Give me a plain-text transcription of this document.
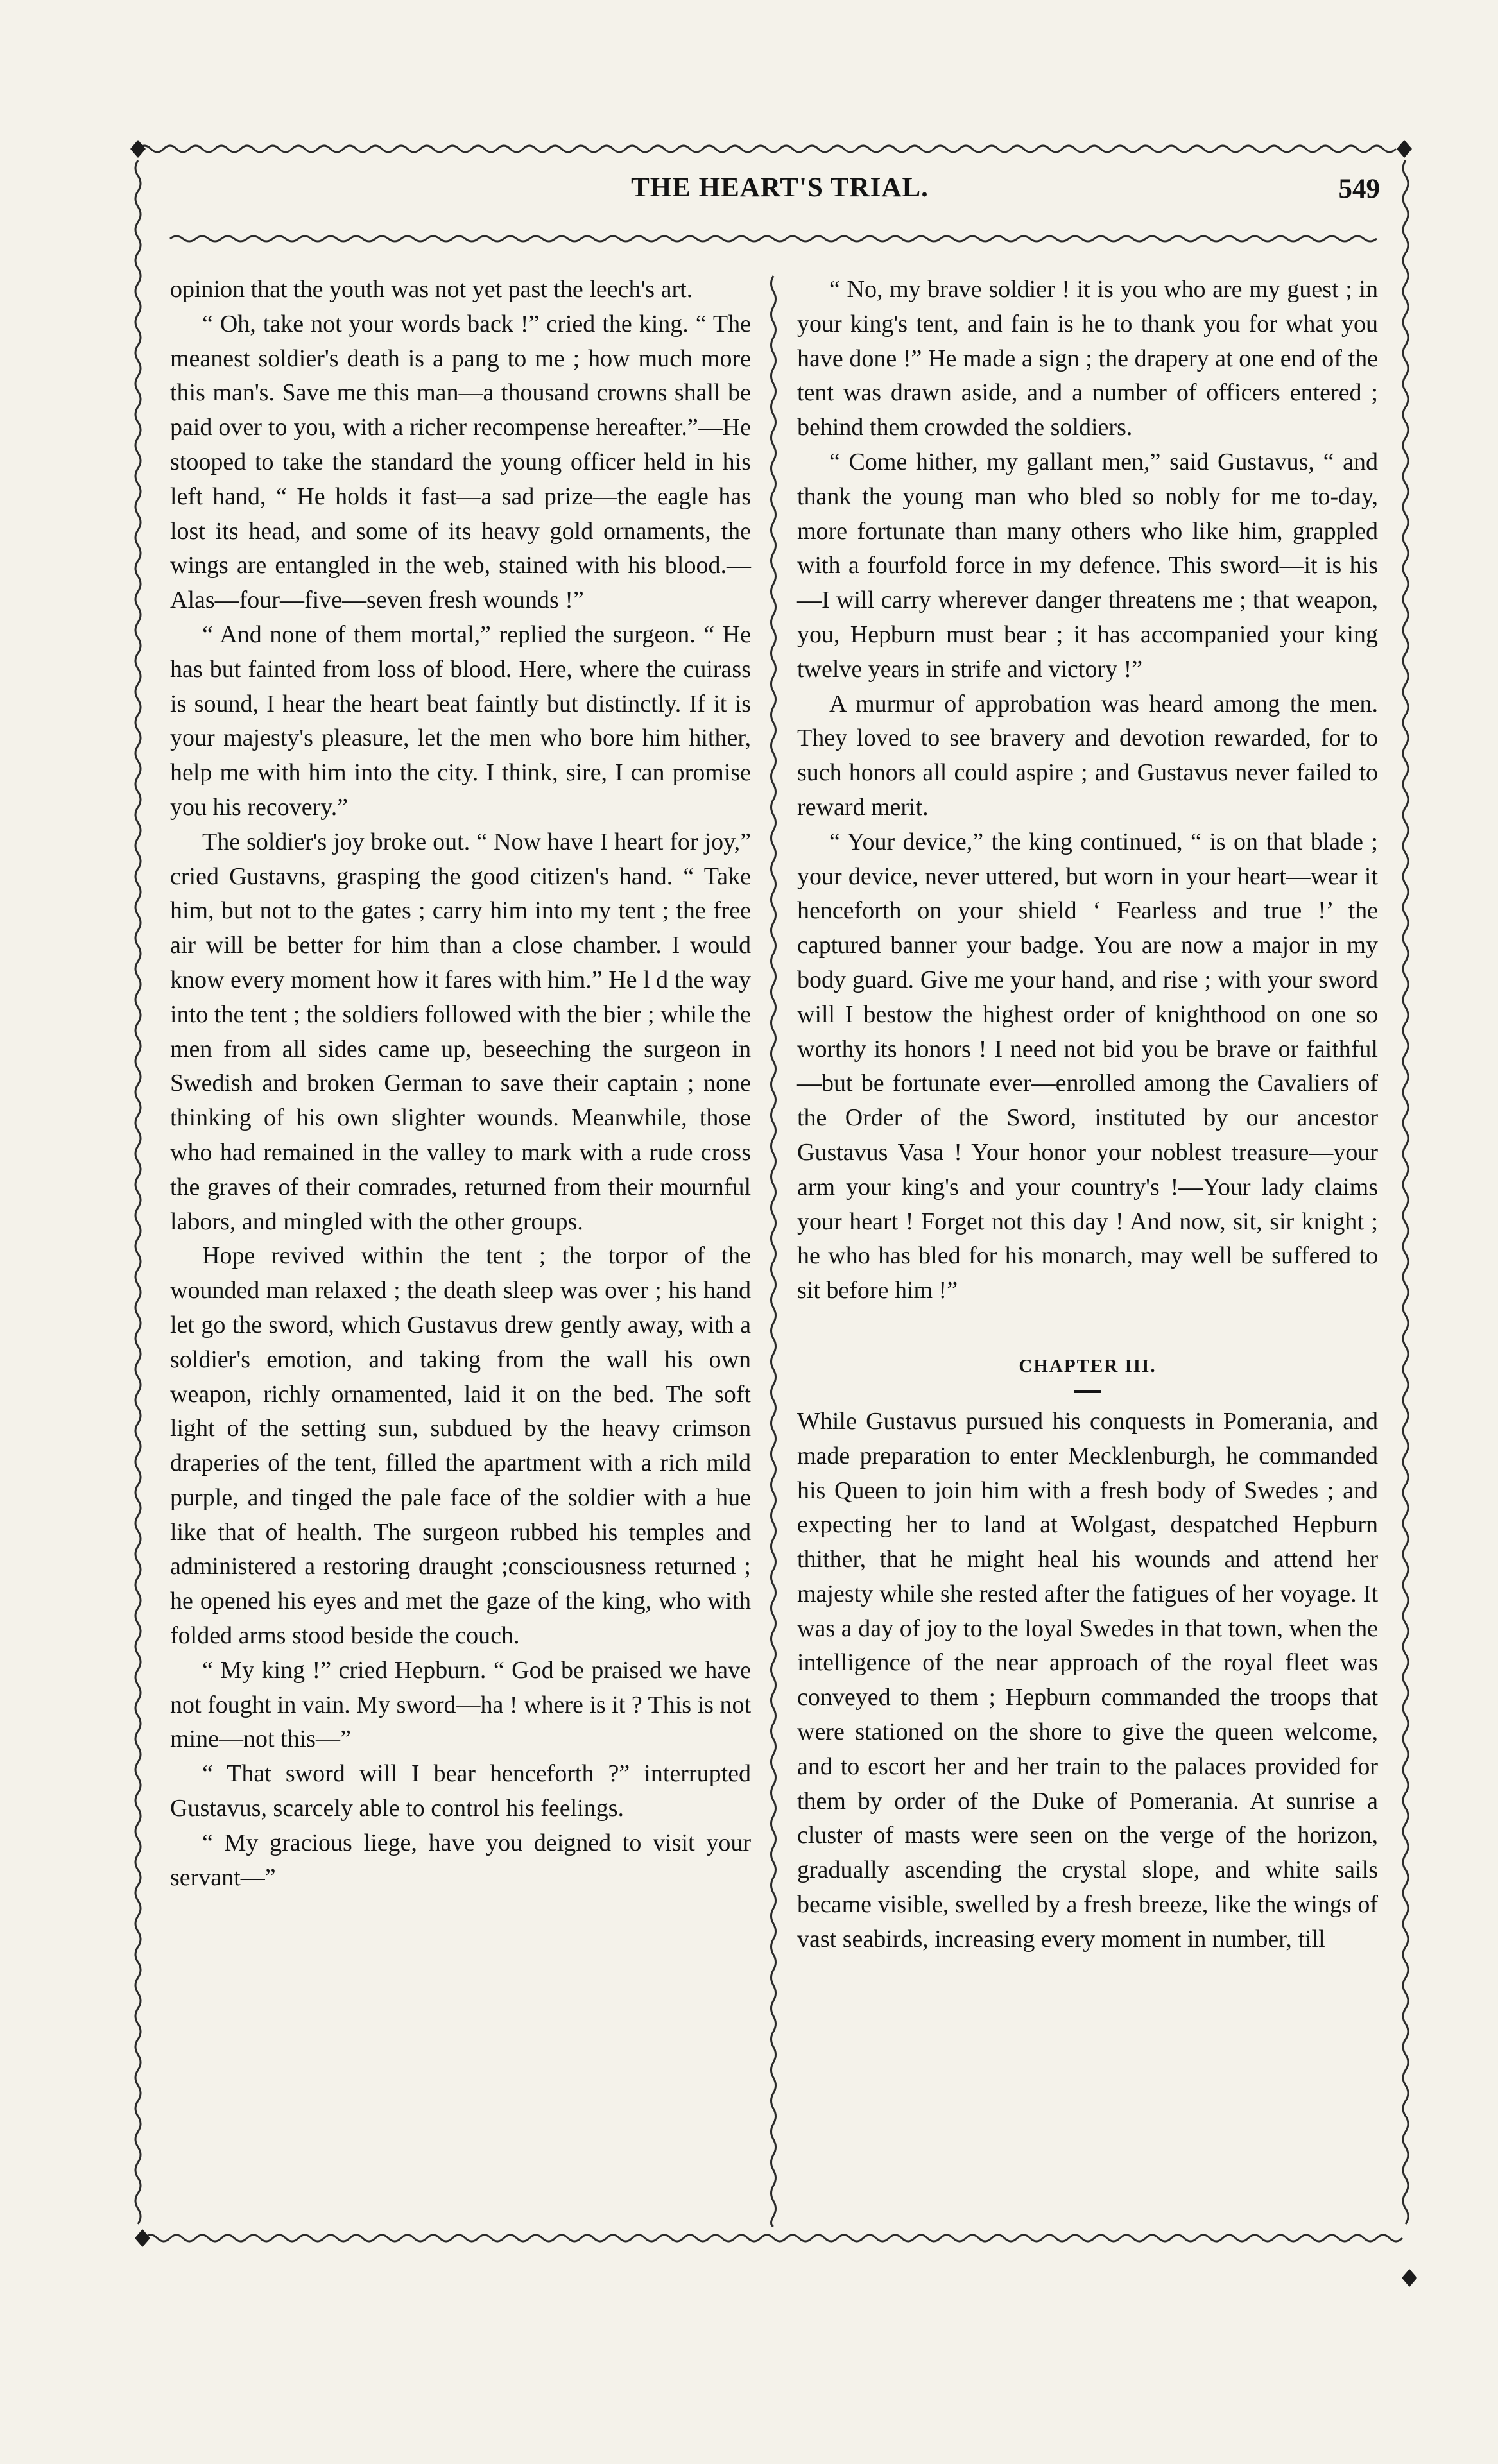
THE HEART'S TRIAL.	549

opinion that the youth was not yet past the leech's art.

“ Oh, take not your words back !” cried the king. “ The meanest soldier's death is a pang to me ; how much more this man's. Save me this man—a thousand crowns shall be paid over to you, with a richer recompense hereafter.”—He stooped to take the standard the young officer held in his left hand, “ He holds it fast—a sad prize—the eagle has lost its head, and some of its heavy gold ornaments, the wings are entangled in the web, stained with his blood.—Alas—four—five—seven fresh wounds !”

“ And none of them mortal,” replied the surgeon. “ He has but fainted from loss of blood. Here, where the cuirass is sound, I hear the heart beat faintly but distinctly. If it is your majesty's pleasure, let the men who bore him hither, help me with him into the city. I think, sire, I can promise you his recovery.”

The soldier's joy broke out. “ Now have I heart for joy,” cried Gustavns, grasping the good citizen's hand. “ Take him, but not to the gates ; carry him into my tent ; the free air will be better for him than a close chamber. I would know every moment how it fares with him.” He l d the way into the tent ; the soldiers followed with the bier ; while the men from all sides came up, beseeching the surgeon in Swedish and broken German to save their captain ; none thinking of his own slighter wounds. Meanwhile, those who had remained in the valley to mark with a rude cross the graves of their comrades, returned from their mournful labors, and mingled with the other groups.

Hope revived within the tent ; the torpor of the wounded man relaxed ; the death sleep was over ; his hand let go the sword, which Gustavus drew gently away, with a soldier's emotion, and taking from the wall his own weapon, richly ornamented, laid it on the bed. The soft light of the setting sun, subdued by the heavy crimson draperies of the tent, filled the apartment with a rich mild purple, and tinged the pale face of the soldier with a hue like that of health. The surgeon rubbed his temples and administered a restoring draught ;consciousness returned ; he opened his eyes and met the gaze of the king, who with folded arms stood beside the couch.

“ My king !” cried Hepburn. “ God be praised we have not fought in vain. My sword—ha ! where is it ? This is not mine—not this—”

“ That sword will I bear henceforth ?” interrupted Gustavus, scarcely able to control his feelings.

“ My gracious liege, have you deigned to visit your servant—”

“ No, my brave soldier ! it is you who are my guest ; in your king's tent, and fain is he to thank you for what you have done !” He made a sign ; the drapery at one end of the tent was drawn aside, and a number of officers entered ; behind them crowded the soldiers.

“ Come hither, my gallant men,” said Gustavus, “ and thank the young man who bled so nobly for me to-day, more fortunate than many others who like him, grappled with a fourfold force in my defence. This sword—it is his—I will carry wherever danger threatens me ; that weapon, you, Hepburn must bear ; it has accompanied your king twelve years in strife and victory !”

A murmur of approbation was heard among the men. They loved to see bravery and devotion rewarded, for to such honors all could aspire ; and Gustavus never failed to reward merit.

“ Your device,” the king continued, “ is on that blade ; your device, never uttered, but worn in your heart—wear it henceforth on your shield ‘ Fearless and true !’ the captured banner your badge. You are now a major in my body guard. Give me your hand, and rise ; with your sword will I bestow the highest order of knighthood on one so worthy its honors ! I need not bid you be brave or faithful—but be fortunate ever—enrolled among the Cavaliers of the Order of the Sword, instituted by our ancestor Gustavus Vasa ! Your honor your noblest treasure—your arm your king's and your country's !—Your lady claims your heart ! Forget not this day ! And now, sit, sir knight ; he who has bled for his monarch, may well be suffered to sit before him !”

CHAPTER III.

While Gustavus pursued his conquests in Pomerania, and made preparation to enter Mecklenburgh, he commanded his Queen to join him with a fresh body of Swedes ; and expecting her to land at Wolgast, despatched Hepburn thither, that he might heal his wounds and attend her majesty while she rested after the fatigues of her voyage. It was a day of joy to the loyal Swedes in that town, when the intelligence of the near approach of the royal fleet was conveyed to them ; Hepburn commanded the troops that were stationed on the shore to give the queen welcome, and to escort her and her train to the palaces provided for them by order of the Duke of Pomerania. At sunrise a cluster of masts were seen on the verge of the horizon, gradually ascending the crystal slope, and white sails became visible, swelled by a fresh breeze, like the wings of vast seabirds, increasing every moment in number, till
